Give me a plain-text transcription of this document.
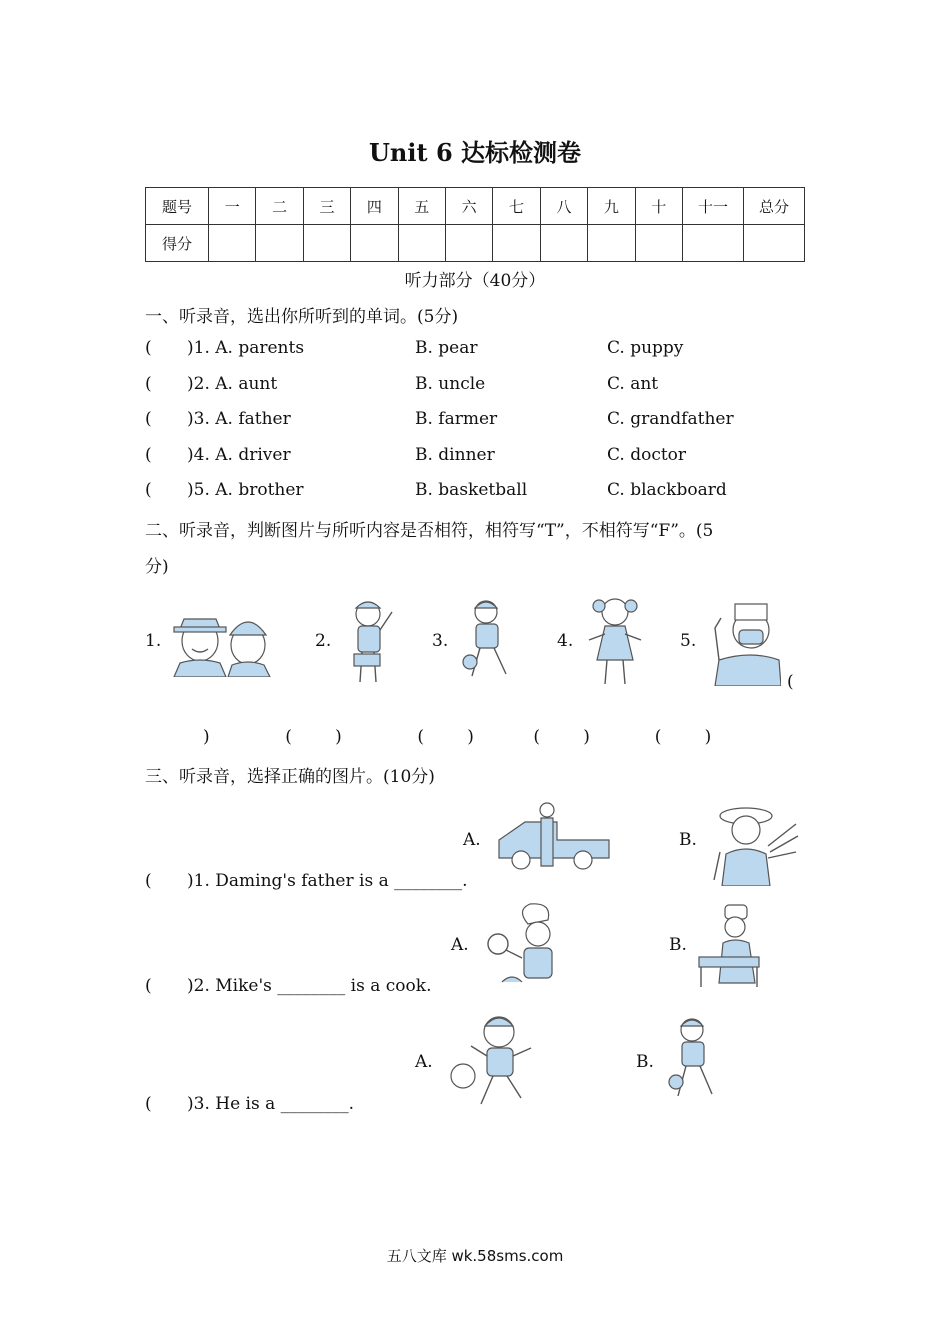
Unit 6 达标检测卷
题号	一	二	三	四	五	六	七	八	九	十	十一	总分
得分												
听力部分（40分）
一、听录音，选出你所听到的单词。(5分)
( )1. A. parents	B. pear	C. puppy
( )2. A. aunt	B. uncle	C. ant
( )3. A. father	B. farmer	C. grandfather
( )4. A. driver	B. dinner	C. doctor
( )5. A. brother	B. basketball	C. blackboard
二、听录音，判断图片与所听内容是否相符，相符写“T”，不相符写“F”。(5
分)
1.	2.	3.	4.	5.
(
)              (        )              (        )           (        )            (        )
三、听录音，选择正确的图片。(10分)
A.	B.
( )1. Daming's father is a ________.
A.	B.
( )2. Mike's ________ is a cook.
A.	B.
( )3. He is a ________.
五八文库 wk.58sms.com
